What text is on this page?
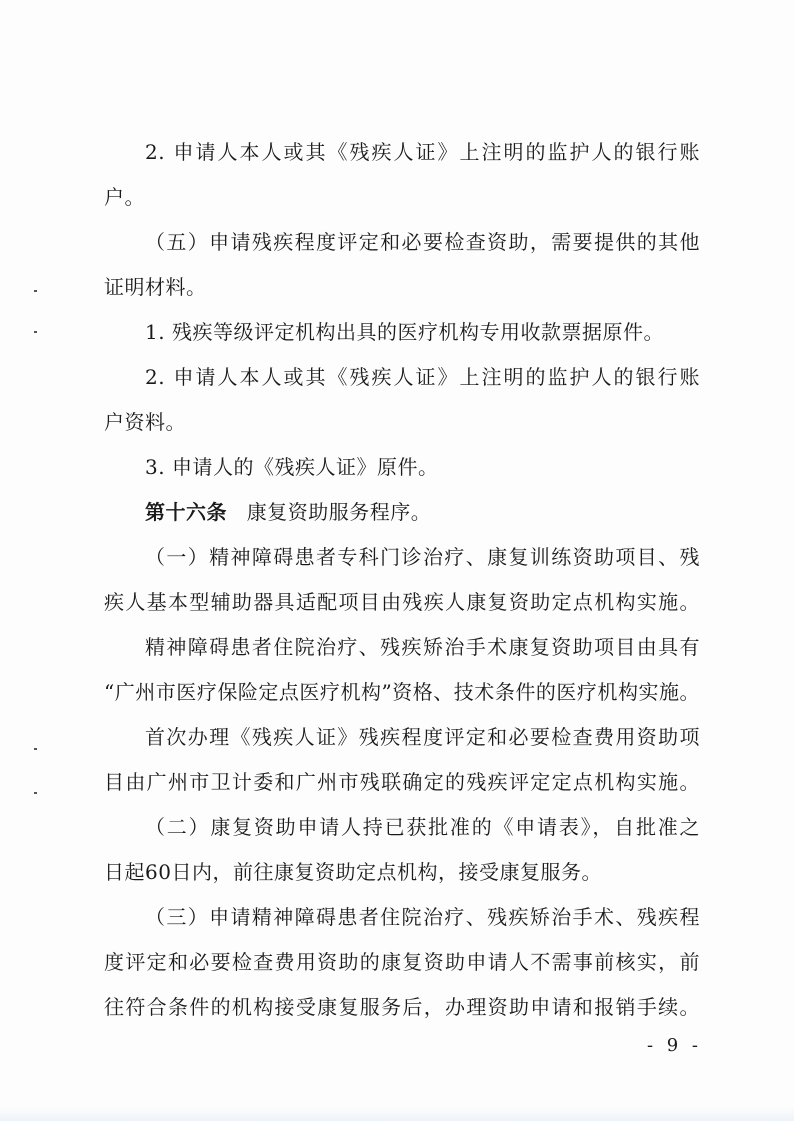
2. 申请人本人或其《残疾人证》上注明的监护人的银行账
户。
（五）申请残疾程度评定和必要检查资助，需要提供的其他
证明材料。
1. 残疾等级评定机构出具的医疗机构专用收款票据原件。
2. 申请人本人或其《残疾人证》上注明的监护人的银行账
户资料。
3. 申请人的《残疾人证》原件。
第十六条 康复资助服务程序。
（一）精神障碍患者专科门诊治疗、康复训练资助项目、残
疾人基本型辅助器具适配项目由残疾人康复资助定点机构实施。
精神障碍患者住院治疗、残疾矫治手术康复资助项目由具有
“广州市医疗保险定点医疗机构”资格、技术条件的医疗机构实施。
首次办理《残疾人证》残疾程度评定和必要检查费用资助项
目由广州市卫计委和广州市残联确定的残疾评定定点机构实施。
（二）康复资助申请人持已获批准的《申请表》，自批准之
日起60日内，前往康复资助定点机构，接受康复服务。
（三）申请精神障碍患者住院治疗、残疾矫治手术、残疾程
度评定和必要检查费用资助的康复资助申请人不需事前核实，前
往符合条件的机构接受康复服务后，办理资助申请和报销手续。
- 9 -
